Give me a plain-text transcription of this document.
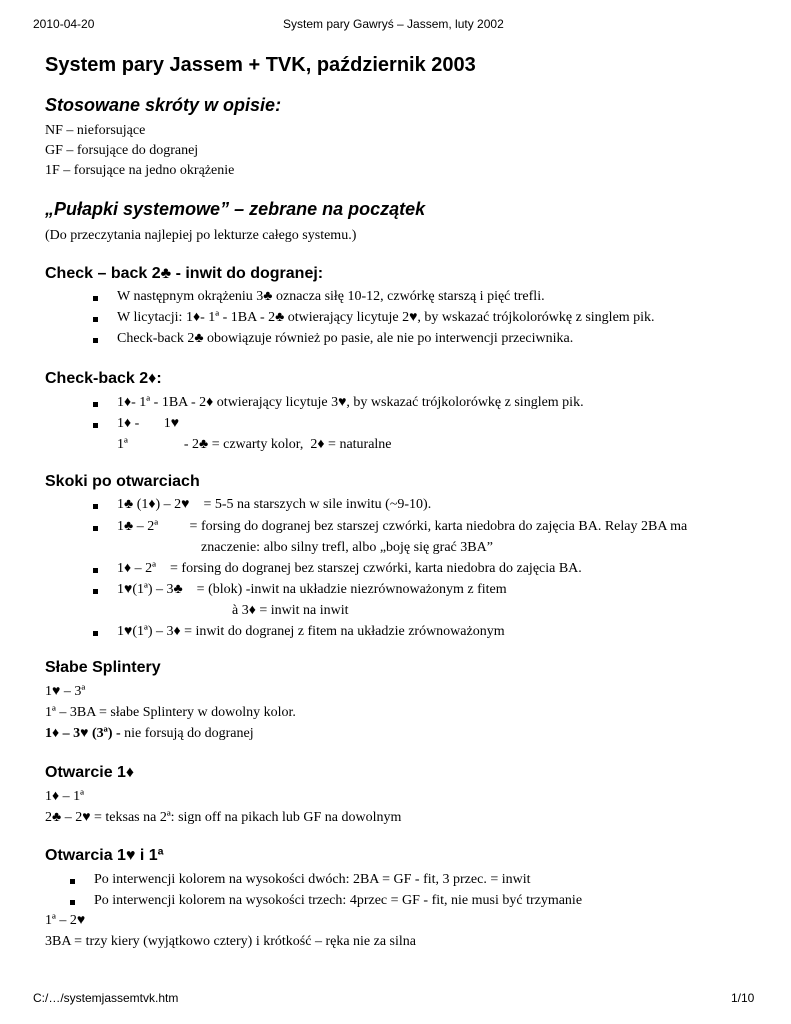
2010-04-20	System pary Gawryś – Jassem, luty 2002
System pary Jassem + TVK, październik 2003
Stosowane skróty w opisie:
NF – nieforsujące
GF – forsujące do dogranej
1F – forsujące na jedno okrążenie
„Pułapki systemowe” – zebrane na początek
(Do przeczytania najlepiej po lekturze całego systemu.)
Check – back 2♣ - inwit do dogranej:
W następnym okrążeniu 3♣ oznacza siłę 10-12, czwórkę starszą i pięć trefli.
W licytacji: 1♦- 1ª - 1BA - 2♣ otwierający licytuje 2♥, by wskazać trójkolorówkę z singlem pik.
Check-back 2♣ obowiązuje również po pasie, ale nie po interwencji przeciwnika.
Check-back 2♦:
1♦- 1ª - 1BA - 2♦ otwierający licytuje 3♥, by wskazać trójkolorówkę z singlem pik.
1♦ -       1♥
1ª                - 2♣ = czwarty kolor,  2♦ = naturalne
Skoki po otwarciach
1♣ (1♦) – 2♥    = 5-5 na starszych w sile inwitu (~9-10).
1♣ – 2ª         = forsing do dogranej bez starszej czwórki, karta niedobra do zajęcia BA. Relay 2BA ma
znaczenie: albo silny trefl, albo „boję się grać 3BA”
1♦ – 2ª    = forsing do dogranej bez starszej czwórki, karta niedobra do zajęcia BA.
1♥(1ª) – 3♣    = (blok) -inwit na układzie niezrównoważonym z fitem
à 3♦ = inwit na inwit
1♥(1ª) – 3♦ = inwit do dogranej z fitem na układzie zrównoważonym
Słabe Splintery
1♥ – 3ª
1ª – 3BA = słabe Splintery w dowolny kolor.
1♦ – 3♥ (3ª) - nie forsują do dogranej
Otwarcie 1♦
1♦ – 1ª
2♣ – 2♥ = teksas na 2ª: sign off na pikach lub GF na dowolnym
Otwarcia 1♥ i 1ª
Po interwencji kolorem na wysokości dwóch: 2BA = GF - fit, 3 przec. = inwit
Po interwencji kolorem na wysokości trzech: 4przec = GF - fit, nie musi być trzymanie
1ª – 2♥
3BA = trzy kiery (wyjątkowo cztery) i krótkość – ręka nie za silna
C:/…/systemjassemtvk.htm	1/10
